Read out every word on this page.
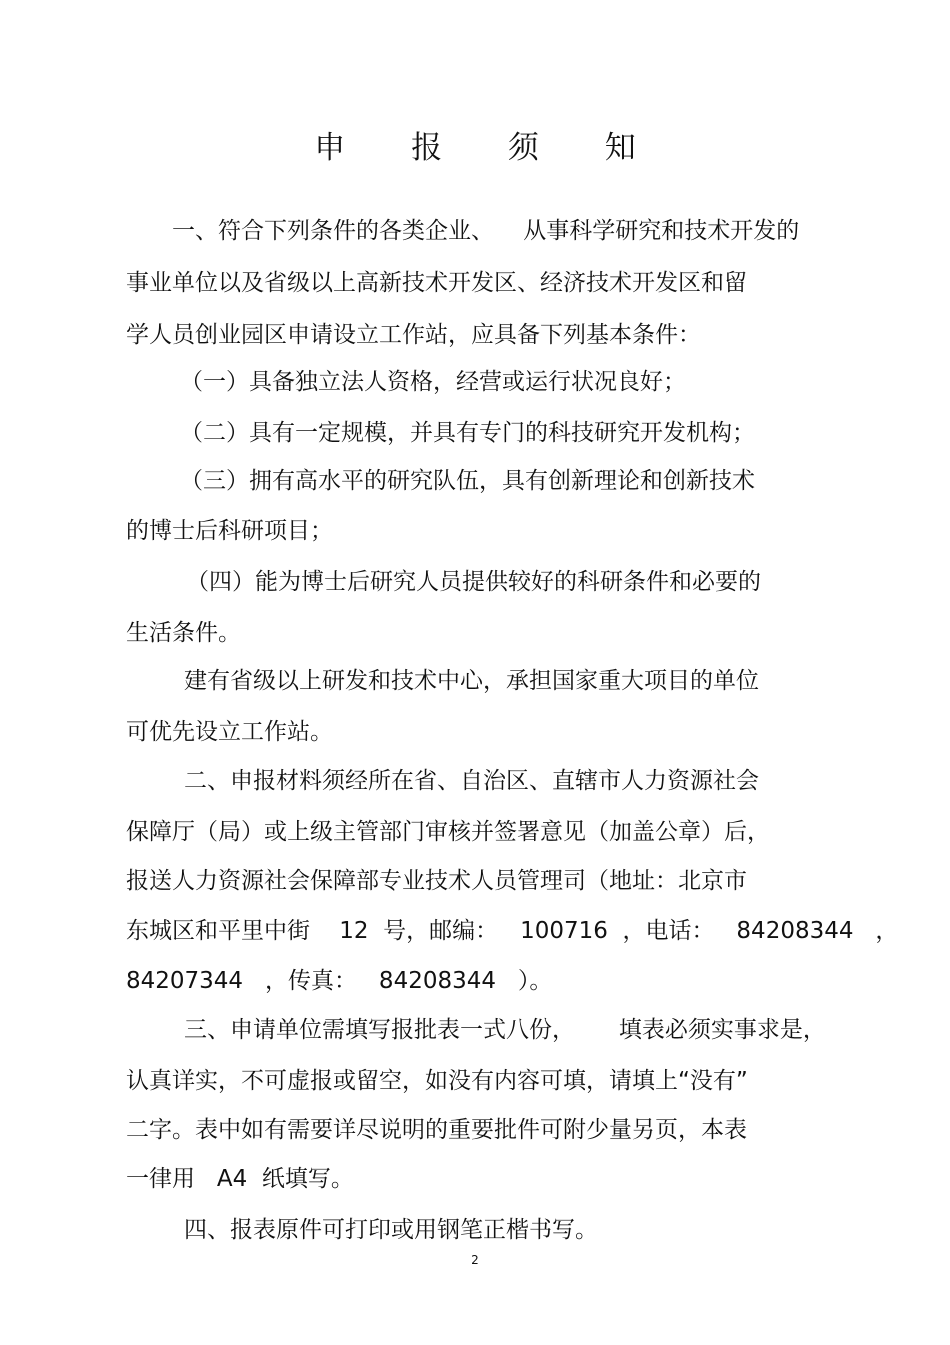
申 报 须 知

一、符合下列条件的各类企业、    从事科学研究和技术开发的

事业单位以及省级以上高新技术开发区、经济技术开发区和留

学人员创业园区申请设立工作站，应具备下列基本条件：

（一）具备独立法人资格，经营或运行状况良好；

（二）具有一定规模，并具有专门的科技研究开发机构；

（三）拥有高水平的研究队伍，具有创新理论和创新技术

的博士后科研项目；

（四）能为博士后研究人员提供较好的科研条件和必要的

生活条件。

建有省级以上研发和技术中心，承担国家重大项目的单位

可优先设立工作站。

二、申报材料须经所在省、自治区、直辖市人力资源社会

保障厅（局）或上级主管部门审核并签署意见（加盖公章）后，

报送人力资源社会保障部专业技术人员管理司（地址：北京市

东城区和平里中街    12  号，邮编：   100716  ，电话：   84208344   ，

84207344   ，传真：   84208344   ）。

三、申请单位需填写报批表一式八份，      填表必须实事求是，

认真详实，不可虚报或留空，如没有内容可填，请填上“没有”

二字。表中如有需要详尽说明的重要批件可附少量另页，本表

一律用   A4  纸填写。

四、报表原件可打印或用钢笔正楷书写。

2
